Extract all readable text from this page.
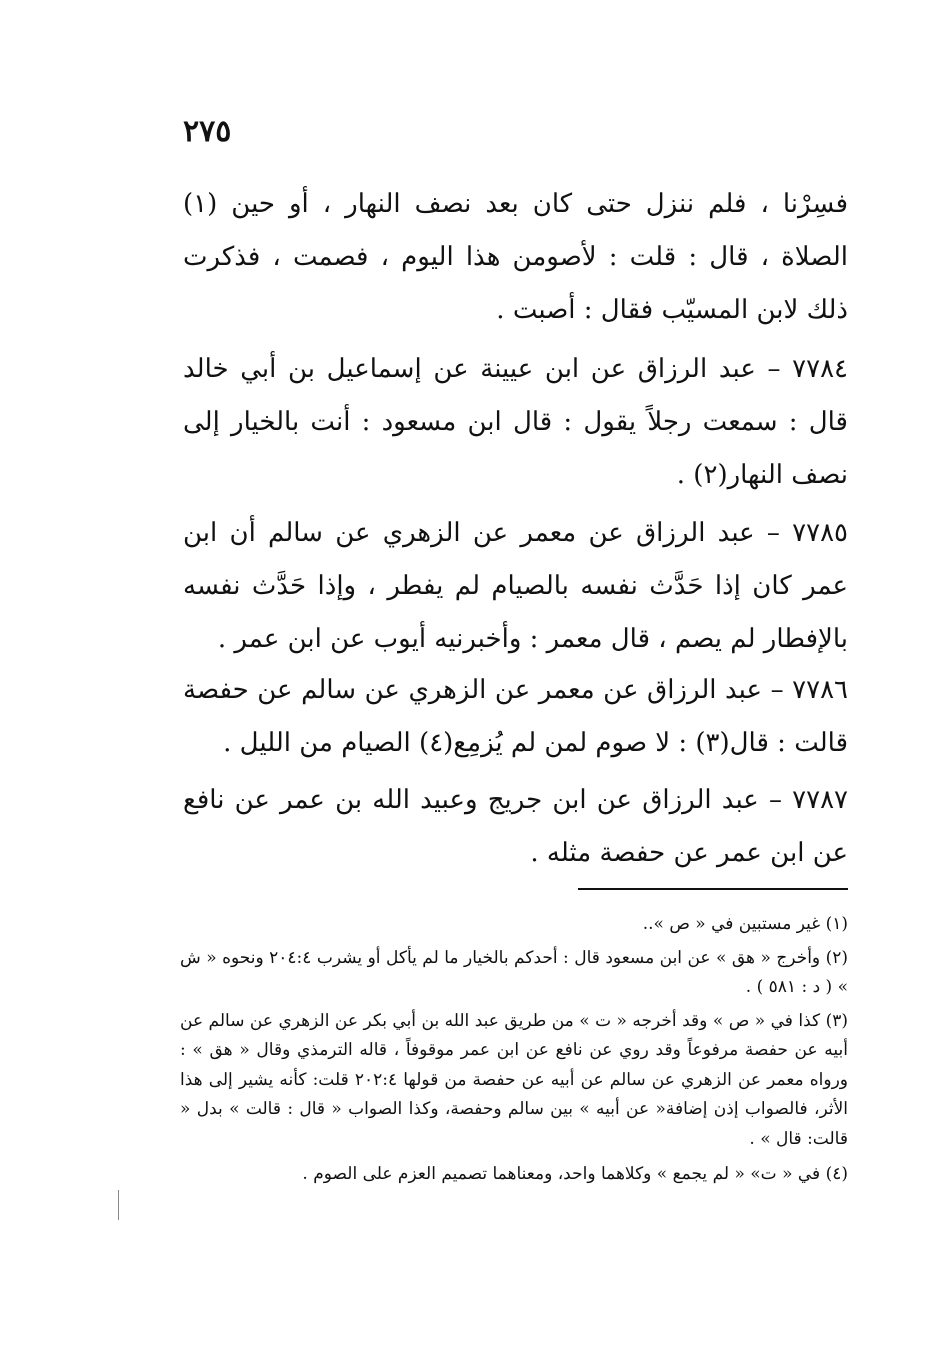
٢٧٥

فسِرْنا ، فلم ننزل حتى كان بعد نصف النهار ، أو حين (١) الصلاة ، قال : قلت : لأصومن هذا اليوم ، فصمت ، فذكرت ذلك لابن المسيّب فقال : أصبت .

٧٧٨٤ – عبد الرزاق عن ابن عيينة عن إسماعيل بن أبي خالد قال : سمعت رجلاً يقول : قال ابن مسعود : أنت بالخيار إلى نصف النهار(٢) .

٧٧٨٥ – عبد الرزاق عن معمر عن الزهري عن سالم أن ابن عمر كان إذا حَدَّث نفسه بالصيام لم يفطر ، وإذا حَدَّث نفسه بالإفطار لم يصم ، قال معمر : وأخبرنيه أيوب عن ابن عمر .

٧٧٨٦ – عبد الرزاق عن معمر عن الزهري عن سالم عن حفصة قالت : قال(٣) : لا صوم لمن لم يُزمِع(٤) الصيام من الليل .

٧٧٨٧ – عبد الرزاق عن ابن جريج وعبيد الله بن عمر عن نافع عن ابن عمر عن حفصة مثله .

(١) غير مستبين في « ص »..

(٢) وأخرج « هق » عن ابن مسعود قال : أحدكم بالخيار ما لم يأكل أو يشرب ٢٠٤:٤ ونحوه « ش » ( د : ٥٨١ ) .

(٣) كذا في « ص » وقد أخرجه « ت » من طريق عبد الله بن أبي بكر عن الزهري عن سالم عن أبيه عن حفصة مرفوعاً وقد روي عن نافع عن ابن عمر موقوفاً ، قاله الترمذي وقال « هق » : ورواه معمر عن الزهري عن سالم عن أبيه عن حفصة من قولها ٢٠٢:٤ قلت: كأنه يشير إلى هذا الأثر، فالصواب إذن إضافة« عن أبيه » بين سالم وحفصة، وكذا الصواب « قال : قالت » بدل « قالت: قال » .

(٤) في « ت» « لم يجمع » وكلاهما واحد، ومعناهما تصميم العزم على الصوم .
